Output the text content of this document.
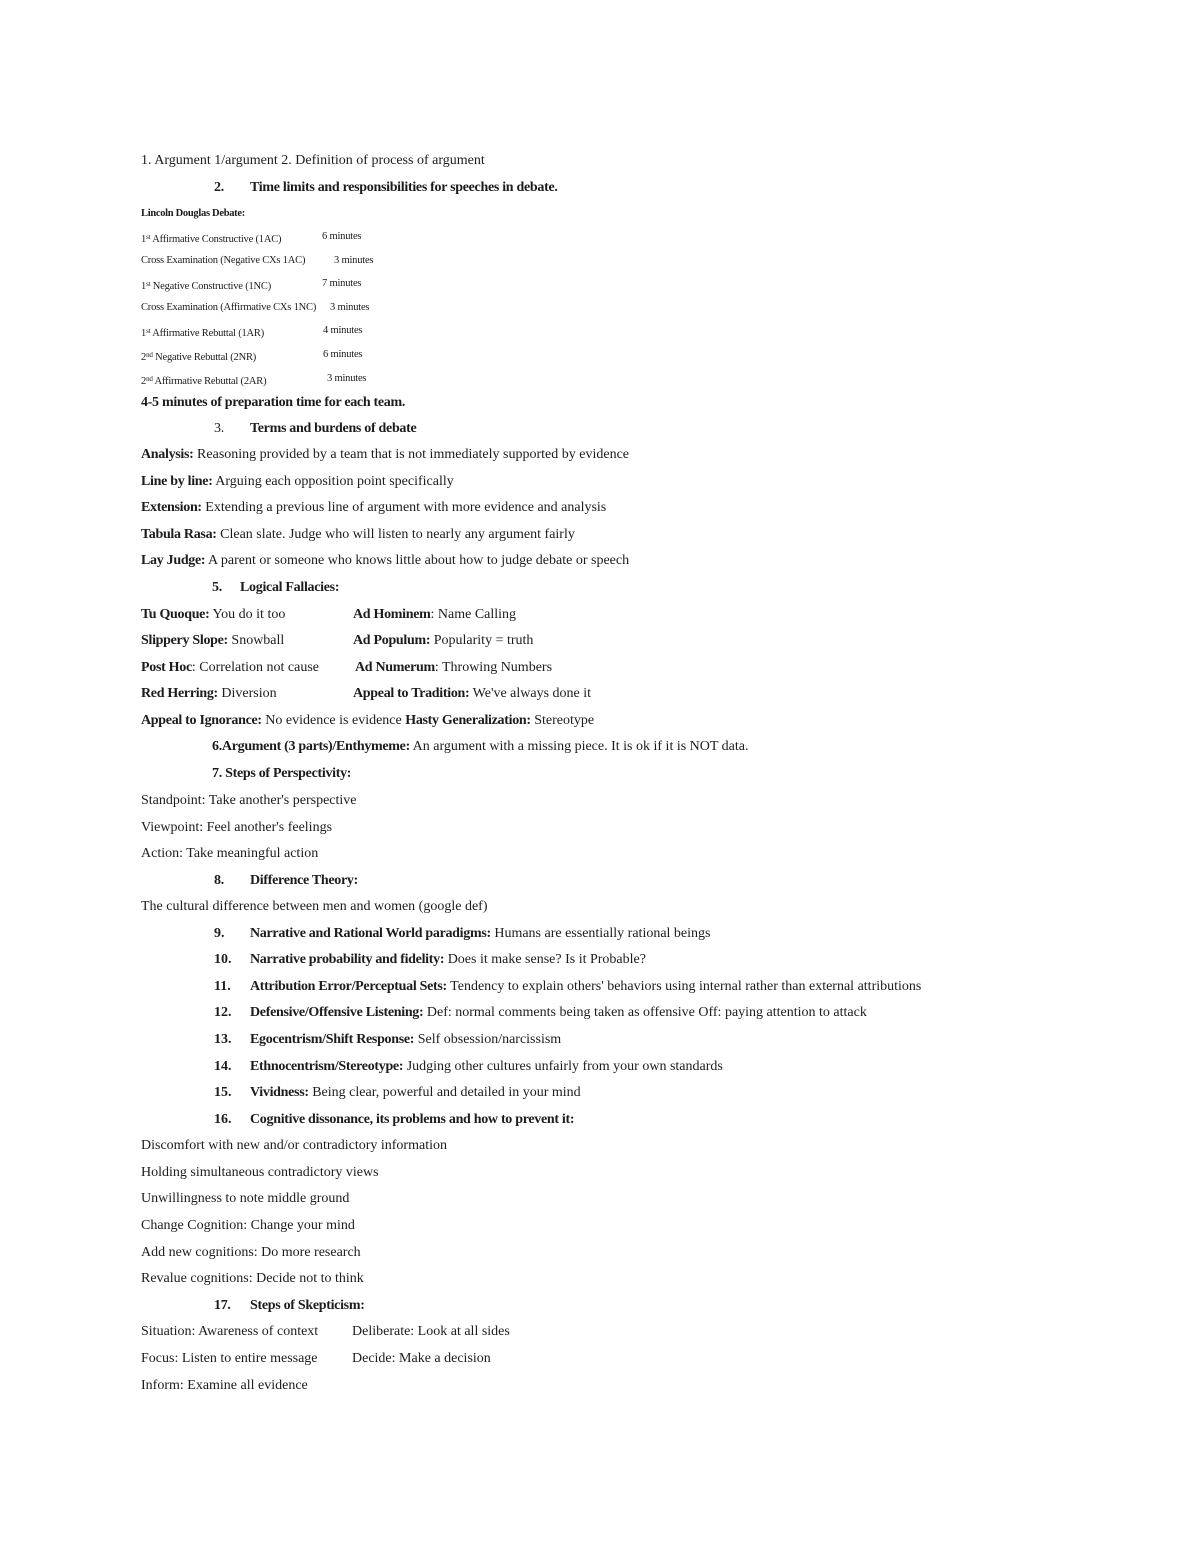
1. Argument 1/argument 2. Definition of process of argument
2. Time limits and responsibilities for speeches in debate.
Lincoln Douglas Debate:
1st Affirmative Constructive (1AC)	6 minutes
Cross Examination (Negative CXs 1AC)	3 minutes
1st Negative Constructive (1NC)	7 minutes
Cross Examination (Affirmative CXs 1NC) 3 minutes
1st Affirmative Rebuttal (1AR)	4 minutes
2nd Negative Rebuttal (2NR)	6 minutes
2nd Affirmative Rebuttal (2AR)	3 minutes
4-5 minutes of preparation time for each team.
3. Terms and burdens of debate
Analysis: Reasoning provided by a team that is not immediately supported by evidence
Line by line: Arguing each opposition point specifically
Extension: Extending a previous line of argument with more evidence and analysis
Tabula Rasa: Clean slate. Judge who will listen to nearly any argument fairly
Lay Judge: A parent or someone who knows little about how to judge debate or speech
5. Logical Fallacies:
Tu Quoque: You do it too	Ad Hominem: Name Calling
Slippery Slope: Snowball	Ad Populum: Popularity = truth
Post Hoc: Correlation not cause	Ad Numerum: Throwing Numbers
Red Herring: Diversion	Appeal to Tradition: We've always done it
Appeal to Ignorance: No evidence is evidence Hasty Generalization: Stereotype
6.Argument (3 parts)/Enthymeme: An argument with a missing piece. It is ok if it is NOT data.
7. Steps of Perspectivity:
Standpoint: Take another's perspective
Viewpoint: Feel another's feelings
Action: Take meaningful action
8. Difference Theory:
The cultural difference between men and women (google def)
9. Narrative and Rational World paradigms: Humans are essentially rational beings
10. Narrative probability and fidelity: Does it make sense? Is it Probable?
11. Attribution Error/Perceptual Sets: Tendency to explain others' behaviors using internal rather than external attributions
12. Defensive/Offensive Listening: Def: normal comments being taken as offensive Off: paying attention to attack
13. Egocentrism/Shift Response: Self obsession/narcissism
14. Ethnocentrism/Stereotype: Judging other cultures unfairly from your own standards
15. Vividness: Being clear, powerful and detailed in your mind
16. Cognitive dissonance, its problems and how to prevent it:
Discomfort with new and/or contradictory information
Holding simultaneous contradictory views
Unwillingness to note middle ground
Change Cognition: Change your mind
Add new cognitions: Do more research
Revalue cognitions: Decide not to think
17. Steps of Skepticism:
Situation: Awareness of context Deliberate: Look at all sides
Focus: Listen to entire message Decide: Make a decision
Inform: Examine all evidence
